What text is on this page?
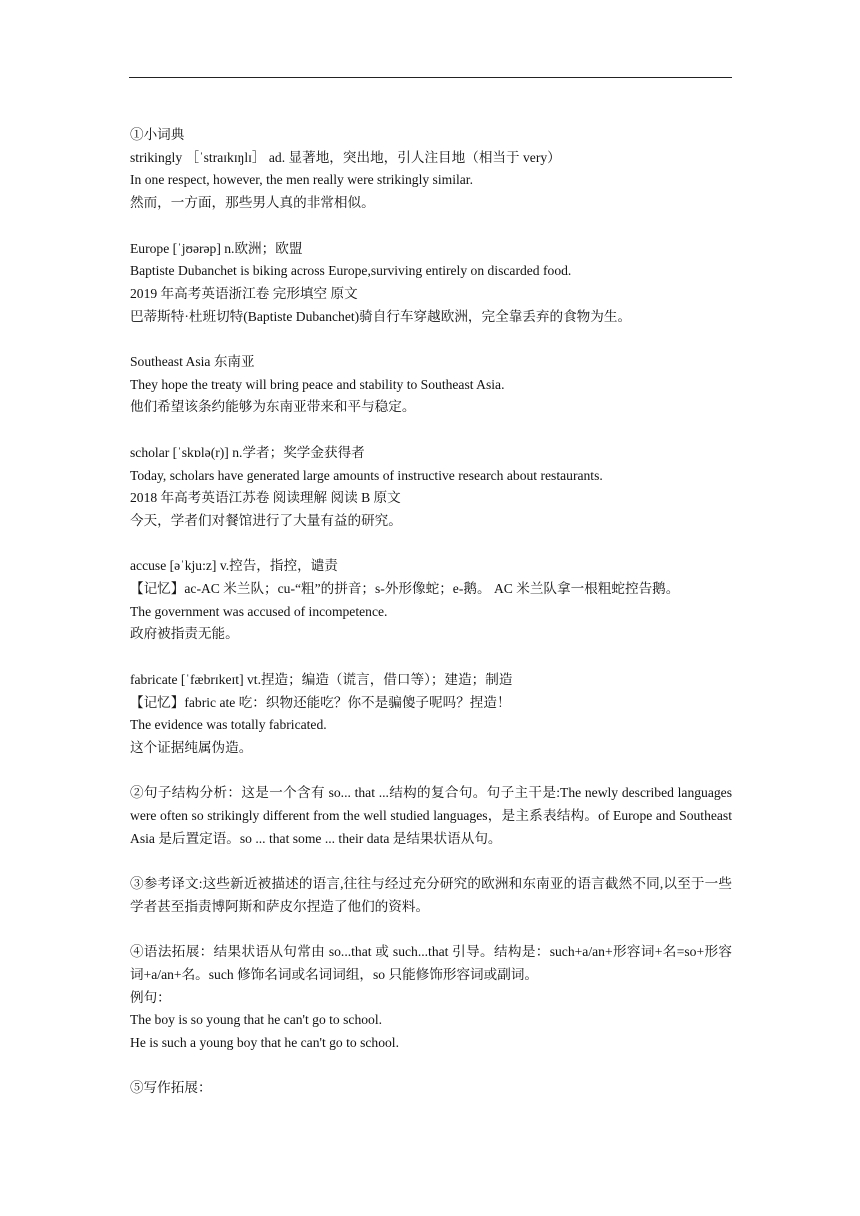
①小词典
strikingly ［ˈstraɪkɪŋlɪ］ ad. 显著地，突出地，引人注目地（相当于 very）
In one respect, however, the men really were strikingly similar.
然而，一方面，那些男人真的非常相似。
Europe [ˈjʊərəp] n.欧洲；欧盟
Baptiste Dubanchet is biking across Europe,surviving entirely on discarded food.
2019 年高考英语浙江卷 完形填空 原文
巴蒂斯特·杜班切特(Baptiste Dubanchet)骑自行车穿越欧洲，完全靠丢弃的食物为生。
Southeast Asia 东南亚
They hope the treaty will bring peace and stability to Southeast Asia.
他们希望该条约能够为东南亚带来和平与稳定。
scholar [ˈskɒlə(r)] n.学者；奖学金获得者
Today, scholars have generated large amounts of instructive research about restaurants.
2018 年高考英语江苏卷 阅读理解 阅读 B 原文
今天，学者们对餐馆进行了大量有益的研究。
accuse [əˈkju:z] v.控告，指控，谴责
【记忆】ac-AC 米兰队；cu-“粗”的拼音；s-外形像蛇；e-鹅。 AC 米兰队拿一根粗蛇控告鹅。
The government was accused of incompetence.
政府被指责无能。
fabricate [ˈfæbrɪkeɪt] vt.捏造；编造（谎言，借口等）；建造；制造
【记忆】fabric ate 吃：织物还能吃？你不是骗傻子呢吗？捏造！
The evidence was totally fabricated.
这个证据纯属伪造。
②句子结构分析：这是一个含有 so... that ...结构的复合句。句子主干是:The newly described languages were often so strikingly different from the well studied languages，是主系表结构。of Europe and Southeast Asia 是后置定语。so ... that some ... their data 是结果状语从句。
③参考译文:这些新近被描述的语言,往往与经过充分研究的欧洲和东南亚的语言截然不同,以至于一些学者甚至指责博阿斯和萨皮尔捏造了他们的资料。
④语法拓展：结果状语从句常由 so...that 或 such...that 引导。结构是：such+a/an+形容词+名=so+形容词+a/an+名。such 修饰名词或名词词组，so 只能修饰形容词或副词。
例句：
The boy is so young that he can't go to school.
He is such a young boy that he can't go to school.
⑤写作拓展：
